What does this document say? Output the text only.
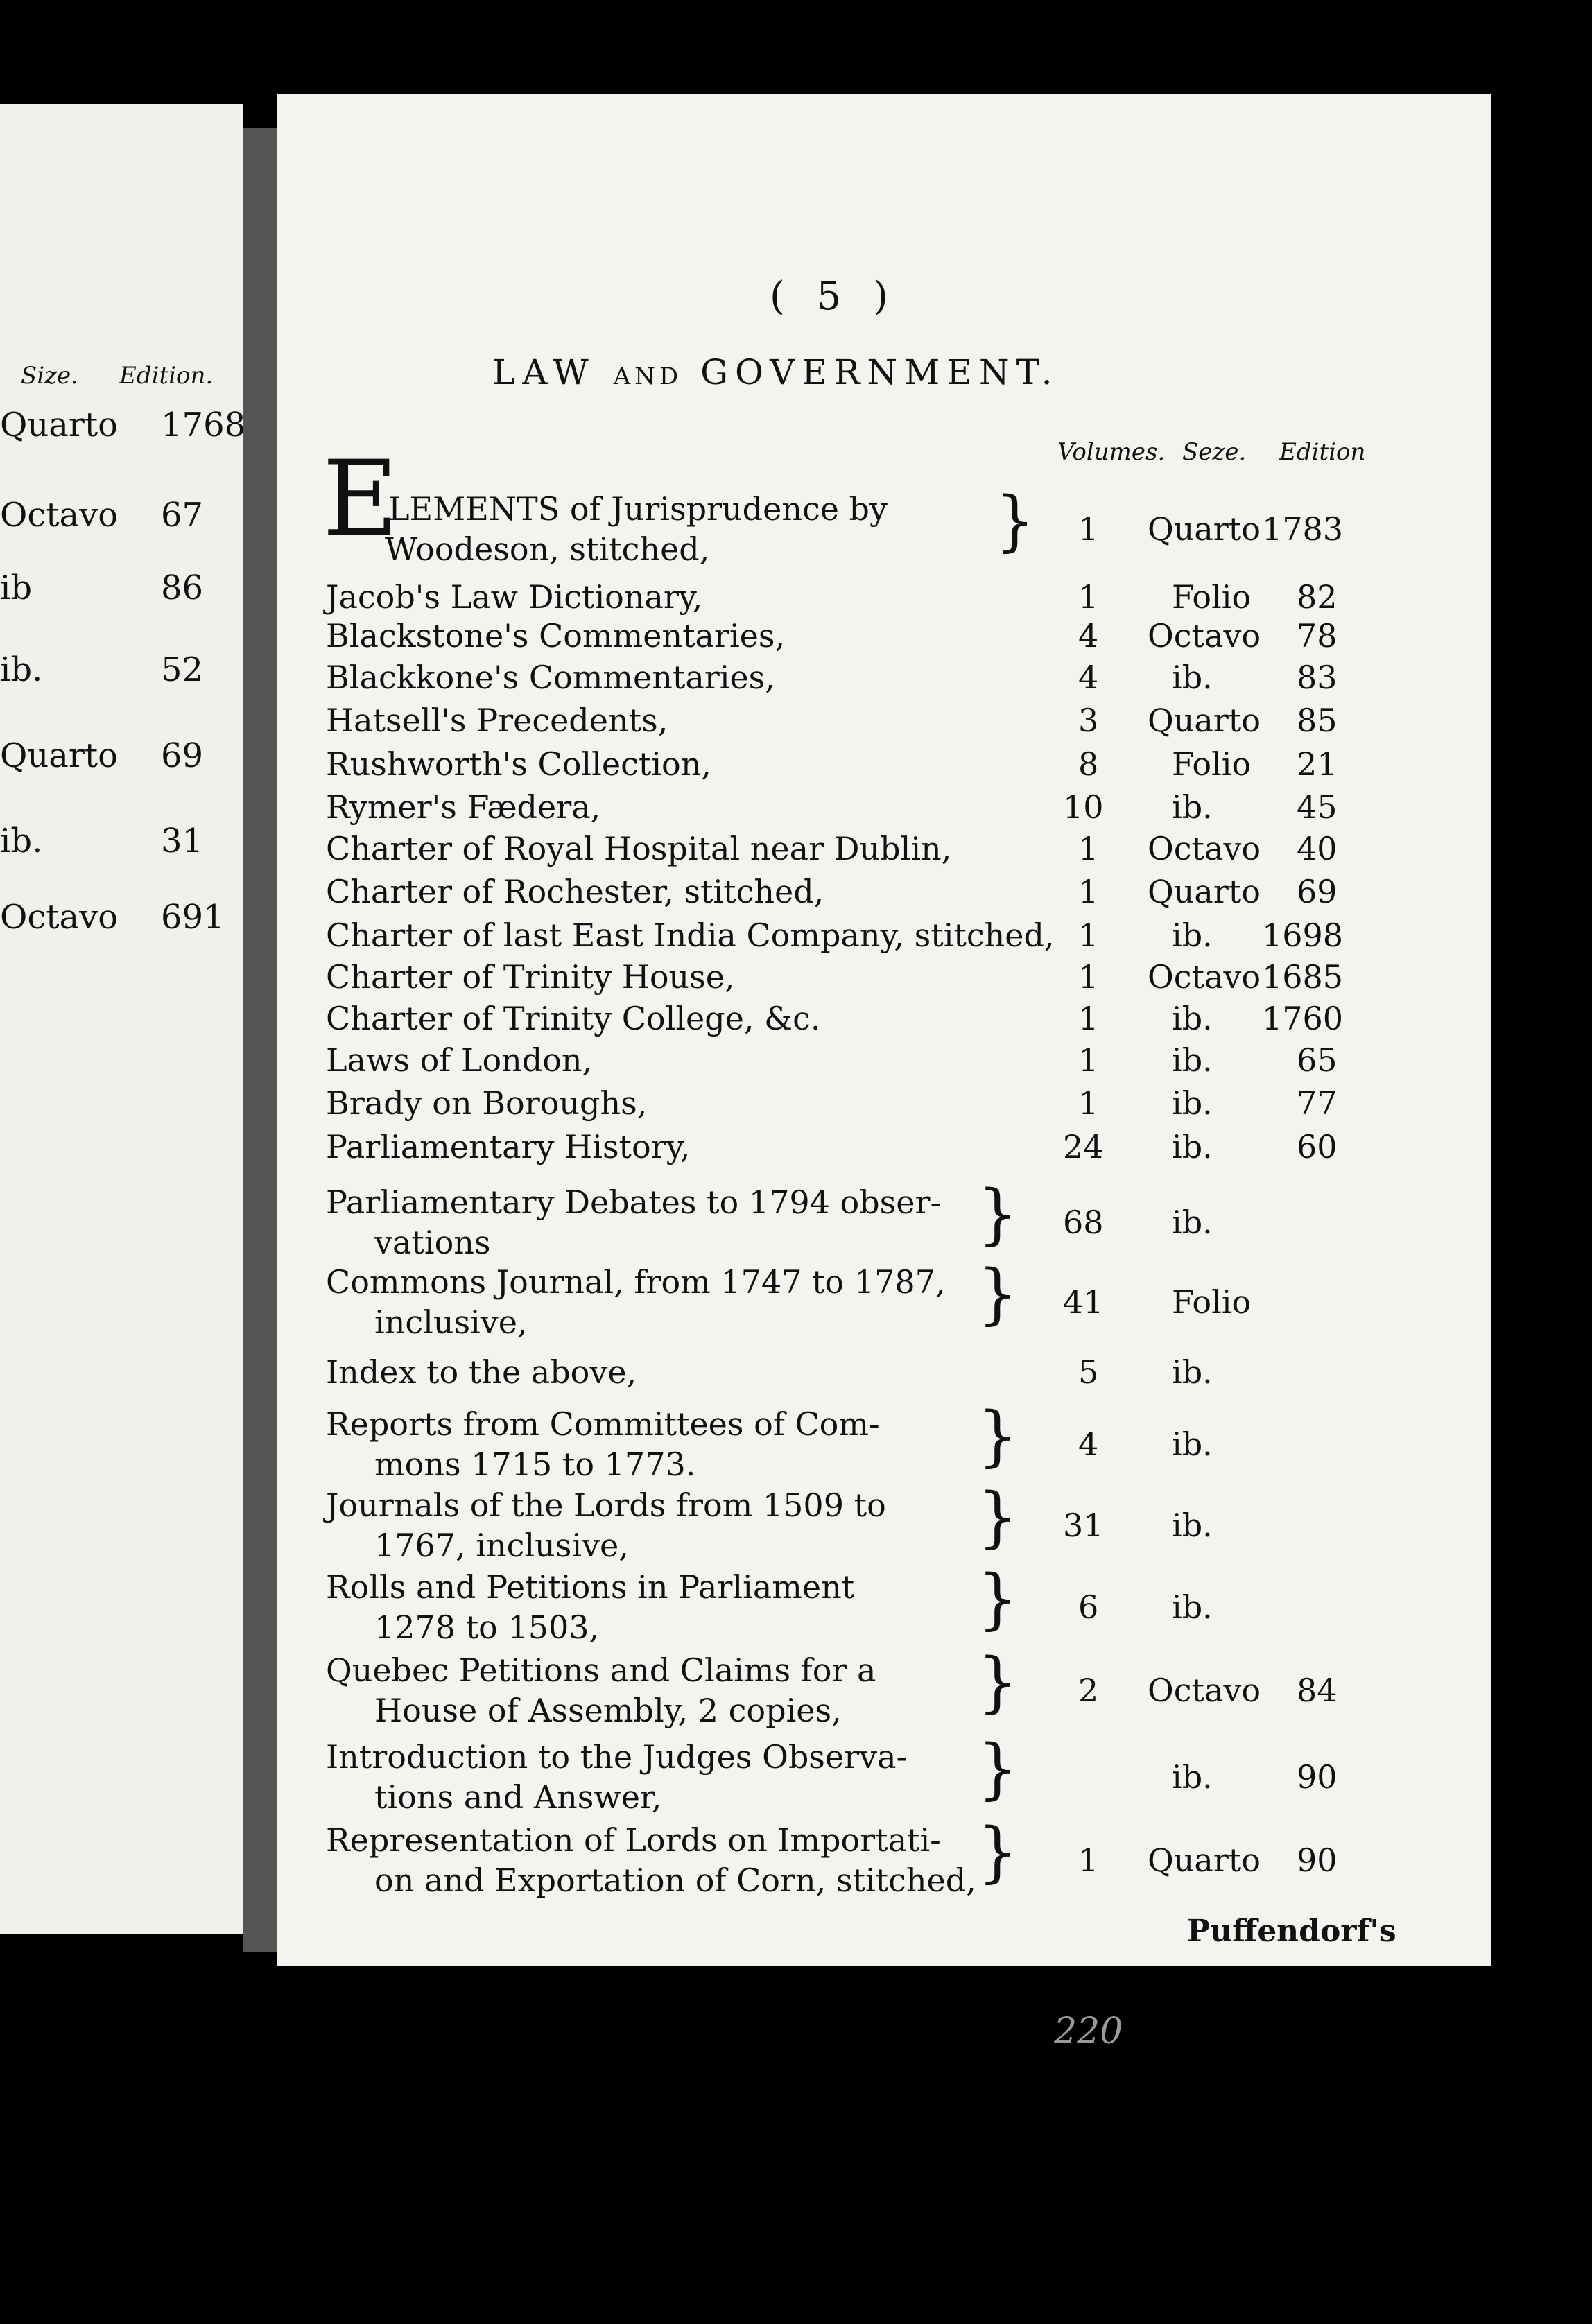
Size. Edition.
Quarto 1768
Octavo 67
ib	86
ib.	52
Quarto 69
ib.	31
Octavo 691
( 5 )
LAW AND GOVERNMENT.
Volumes. Seze. Edition
E
LEMENTS of Jurisprudence by
Woodeson, stitched,	} 1 Quarto 1783
Jacob's Law Dictionary,	1 Folio 82
Blackstone's Commentaries,	4 Octavo 78
Blackkone's Commentaries,	4 ib.	83
Hatsell's Precedents,	3 Quarto 85
Rushworth's Collection,	8 Folio 21
Rymer's Fædera,	10 ib.	45
Charter of Royal Hospital near Dublin,	1 Octavo 40
Charter of Rochester, stitched,	1 Quarto 69
Charter of last East India Company, stitched, 1 ib. 1698
Charter of Trinity House,	1 Octavo 1685
Charter of Trinity College, &c.	1 ib. 1760
Laws of London,	1 ib.	65
Brady on Boroughs,	1 ib.	77
Parliamentary History,	24 ib.	60
Parliamentary Debates to 1794 obser-
vations	} 68 ib.
Commons Journal, from 1747 to 1787,
inclusive,	} 41 Folio
Index to the above,	5 ib.
Reports from Committees of Com-
mons 1715 to 1773.	} 4 ib.
Journals of the Lords from 1509 to
1767, inclusive,	} 31 ib.
Rolls and Petitions in Parliament
1278 to 1503,	} 6 ib.
Quebec Petitions and Claims for a
House of Assembly, 2 copies, } 2 Octavo 84
Introduction to the Judges Observa-
tions and Answer,	}	ib.	90
Representation of Lords on Importati-
on and Exportation of Corn, stitched, } 1 Quarto 90
Puffendorf's
220
